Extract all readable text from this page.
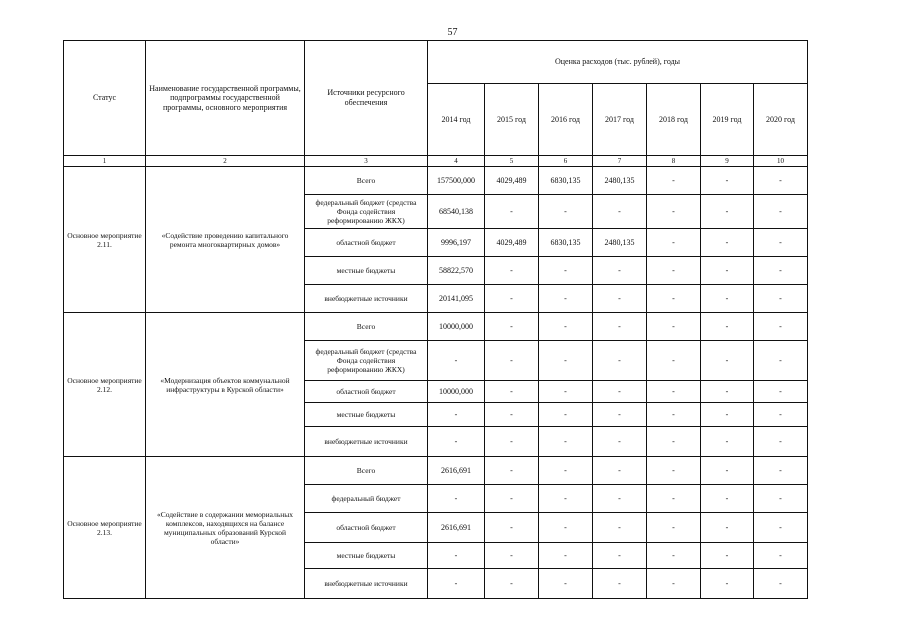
57
Статус	Наименование государственной программы, подпрограммы государственной программы, основного мероприятия	Источники ресурсного обеспечения	Оценка расходов (тыс. рублей), годы						
			2014 год	2015 год	2016 год	2017 год	2018 год	2019 год	2020 год
1	2	3	4	5	6	7	8	9	10
Основное мероприятие 2.11.	«Содействие проведению капитального ремонта многоквартирных домов»	Всего	157500,000	4029,489	6830,135	2480,135	-	-	-
		федеральный бюджет (средства Фонда содействия реформированию ЖКХ)	68540,138	-	-	-	-	-	-
		областной бюджет	9996,197	4029,489	6830,135	2480,135	-	-	-
		местные бюджеты	58822,570	-	-	-	-	-	-
		внебюджетные источники	20141,095	-	-	-	-	-	-
Основное мероприятие 2.12.	«Модернизация объектов коммунальной инфраструктуры в Курской области»	Всего	10000,000	-	-	-	-	-	-
		федеральный бюджет (средства Фонда содействия реформированию ЖКХ)	-	-	-	-	-	-	-
		областной бюджет	10000,000	-	-	-	-	-	-
		местные бюджеты	-	-	-	-	-	-	-
		внебюджетные источники	-	-	-	-	-	-	-
Основное мероприятие 2.13.	«Содействие в содержании мемориальных комплексов, находящихся на балансе муниципальных образований Курской области»	Всего	2616,691	-	-	-	-	-	-
		федеральный бюджет	-	-	-	-	-	-	-
		областной бюджет	2616,691	-	-	-	-	-	-
		местные бюджеты	-	-	-	-	-	-	-
		внебюджетные источники	-	-	-	-	-	-	-
